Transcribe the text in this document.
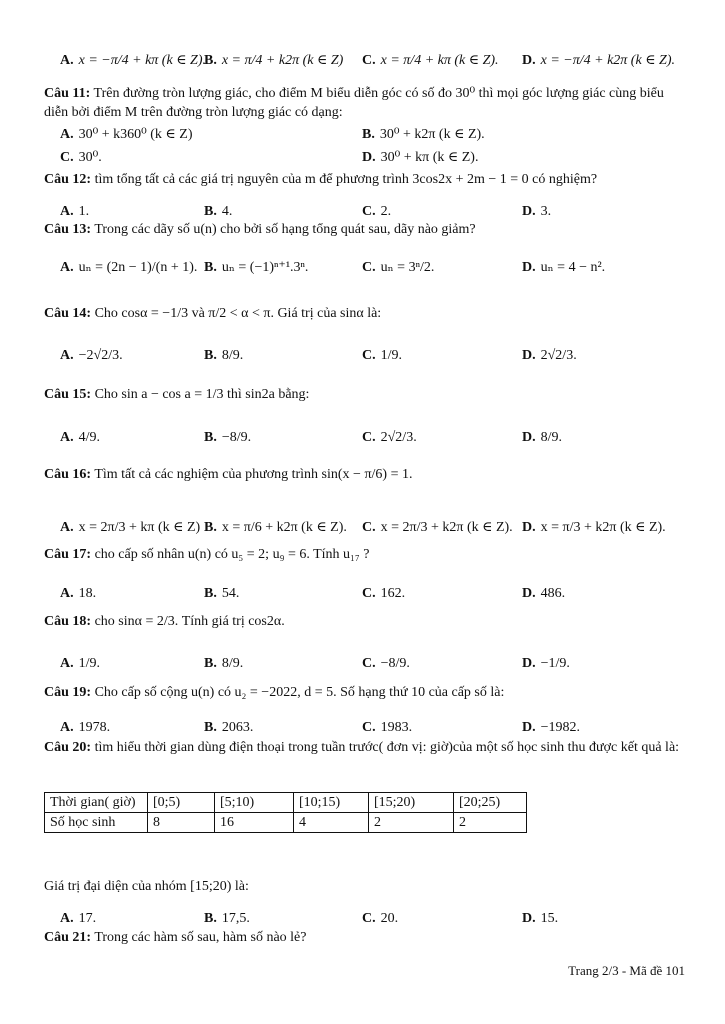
A. x = −π/4 + kπ (k ∈ Z).
B. x = π/4 + k2π (k ∈ Z) C. x = π/4 + kπ (k ∈ Z). D. x = −π/4 + k2π (k ∈ Z).
Câu 11: Trên đường tròn lượng giác, cho điểm M biểu diễn góc có số đo 30⁰ thì mọi góc lượng giác cùng biểu diễn bởi điểm M trên đường tròn lượng giác có dạng:
A. 30⁰ + k360⁰ (k ∈ Z)	B. 30⁰ + k2π (k ∈ Z).
C. 30⁰.	D. 30⁰ + kπ (k ∈ Z).
Câu 12: tìm tổng tất cả các giá trị nguyên của m để phương trình 3cos2x + 2m − 1 = 0 có nghiệm?
A. 1.	B. 4.	C. 2.	D. 3.
Câu 13: Trong các dãy số u(n) cho bởi số hạng tổng quát sau, dãy nào giảm?
A. uₙ = (2n − 1)/(n + 1). B. uₙ = (−1)ⁿ⁺¹.3ⁿ.	C. uₙ = 3ⁿ/2.	D. uₙ = 4 − n².
Câu 14: Cho cosα = −1/3 và π/2 < α < π. Giá trị của sinα là:
A. −2√2/3.	B. 8/9.	C. 1/9.	D. 2√2/3.
Câu 15: Cho sin a − cos a = 1/3 thì sin2a bằng:
A. 4/9.	B. −8/9.	C. 2√2/3.	D. 8/9.
Câu 16: Tìm tất cả các nghiệm của phương trình sin(x − π/6) = 1.
A. x = 2π/3 + kπ (k ∈ Z) B. x = π/6 + k2π (k ∈ Z). C. x = 2π/3 + k2π (k ∈ Z). D. x = π/3 + k2π (k ∈ Z).
Câu 17: cho cấp số nhân u(n) có u₅ = 2; u₉ = 6. Tính u₁₇ ?
A. 18.	B. 54.	C. 162.	D. 486.
Câu 18: cho sinα = 2/3. Tính giá trị cos2α.
A. 1/9.	B. 8/9.	C. −8/9.	D. −1/9.
Câu 19: Cho cấp số cộng u(n) có u₂ = −2022, d = 5. Số hạng thứ 10 của cấp số là:
A. 1978.	B. 2063.	C. 1983.	D. −1982.
Câu 20: tìm hiểu thời gian dùng điện thoại trong tuần trước( đơn vị: giờ)của một số học sinh thu được kết quả là:
Thời gian( giờ)	[0;5)	[5;10)	[10;15)	[15;20)	[20;25)
Số học sinh	8	16	4	2	2
Giá trị đại diện của nhóm [15;20) là:
A. 17.	B. 17,5.	C. 20.	D. 15.
Câu 21: Trong các hàm số sau, hàm số nào lẻ?
Trang 2/3 - Mã đề 101
